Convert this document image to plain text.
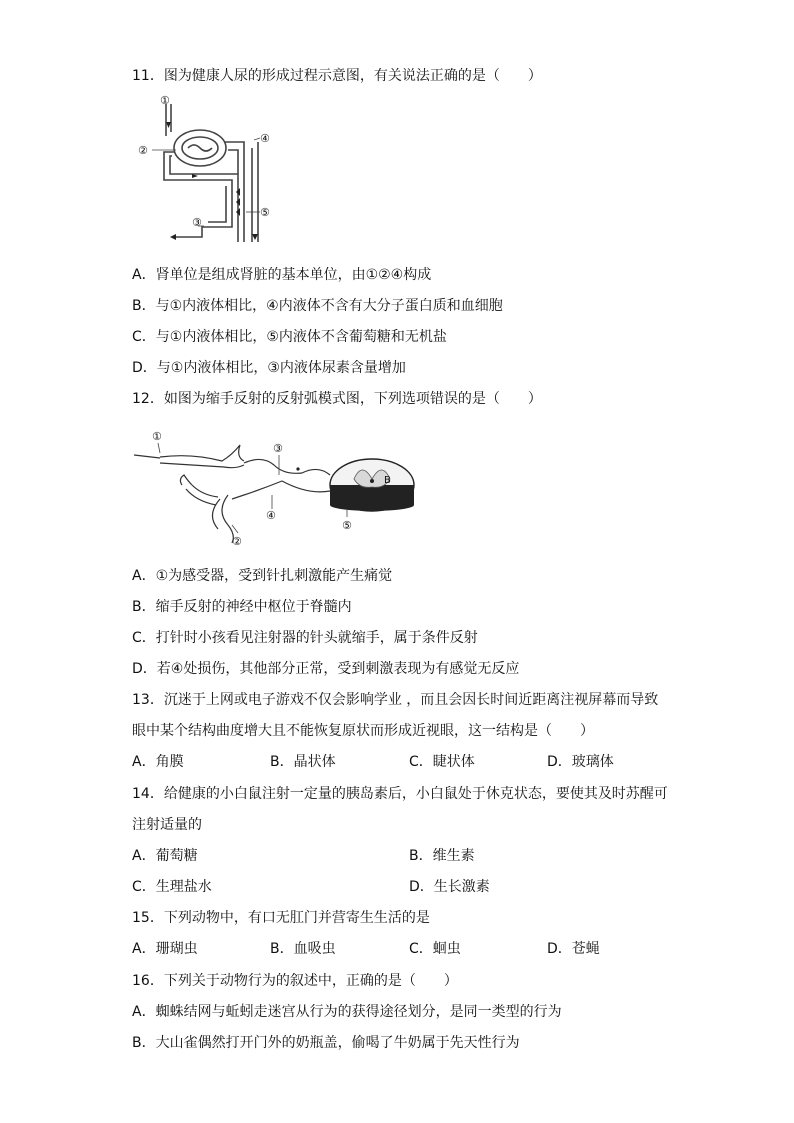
11．图为健康人尿的形成过程示意图，有关说法正确的是（　　）
①
②
③
④
⑤
A．肾单位是组成肾脏的基本单位，由①②④构成
B．与①内液体相比，④内液体不含有大分子蛋白质和血细胞
C．与①内液体相比，⑤内液体不含葡萄糖和无机盐
D．与①内液体相比，③内液体尿素含量增加
12．如图为缩手反射的反射弧模式图，下列选项错误的是（　　）
B
①
②
③
④
⑤
A．①为感受器，受到针扎刺激能产生痛觉
B．缩手反射的神经中枢位于脊髓内
C．打针时小孩看见注射器的针头就缩手，属于条件反射
D．若④处损伤，其他部分正常，受到刺激表现为有感觉无反应
13．沉迷于上网或电子游戏不仅会影响学业 ，而且会因长时间近距离注视屏幕而导致
眼中某个结构曲度增大且不能恢复原状而形成近视眼，这一结构是（　　）
A．角膜	B．晶状体	C．睫状体	D．玻璃体
14．给健康的小白鼠注射一定量的胰岛素后，小白鼠处于休克状态，要使其及时苏醒可
注射适量的
A．葡萄糖	B．维生素
C．生理盐水	D．生长激素
15．下列动物中，有口无肛门并营寄生生活的是
A．珊瑚虫	B．血吸虫	C．蛔虫	D．苍蝇
16．下列关于动物行为的叙述中，正确的是（　　）
A．蜘蛛结网与蚯蚓走迷宫从行为的获得途径划分，是同一类型的行为
B．大山雀偶然打开门外的奶瓶盖，偷喝了牛奶属于先天性行为
